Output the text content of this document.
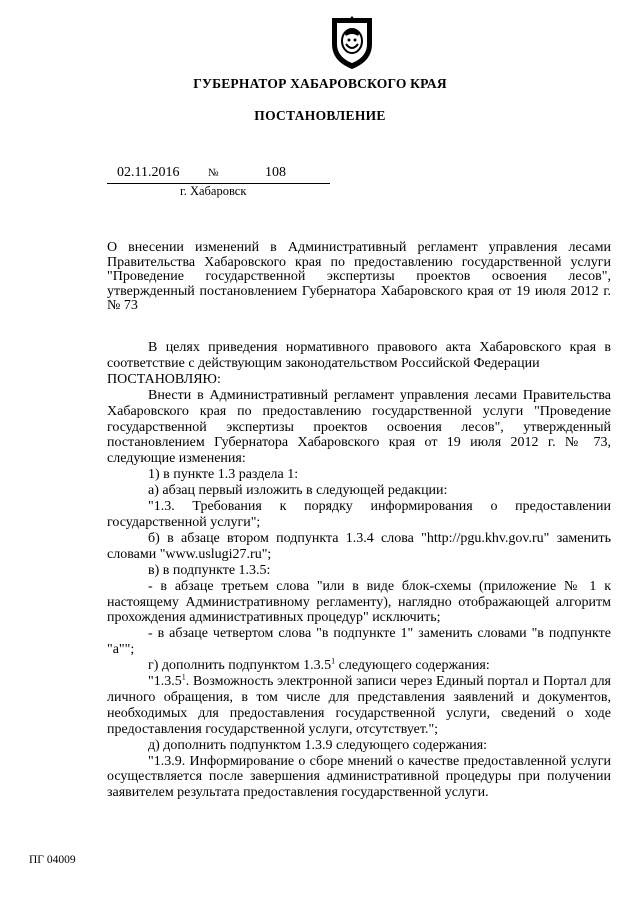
ГУБЕРНАТОР ХАБАРОВСКОГО КРАЯ
ПОСТАНОВЛЕНИЕ
02.11.2016	№	108
г. Хабаровск
О внесении изменений в Административный регламент управления лесами Правительства Хабаровского края по предоставлению государственной услуги "Проведение государственной экспертизы проектов освоения лесов", утвержденный постановлением Губернатора Хабаровского края от 19 июля 2012 г. № 73

В целях приведения нормативного правового акта Хабаровского края в соответствие с действующим законодательством Российской Федерации

ПОСТАНОВЛЯЮ:

Внести в Административный регламент управления лесами Правительства Хабаровского края по предоставлению государственной услуги "Проведение государственной экспертизы проектов освоения лесов", утвержденный постановлением Губернатора Хабаровского края от 19 июля 2012 г. № 73, следующие изменения:

1) в пункте 1.3 раздела 1:

а) абзац первый изложить в следующей редакции:

"1.3. Требования к порядку информирования о предоставлении государственной услуги";

б) в абзаце втором подпункта 1.3.4 слова "http://pgu.khv.gov.ru" заменить словами "www.uslugi27.ru";

в) в подпункте 1.3.5:

- в абзаце третьем слова "или в виде блок-схемы (приложение № 1 к настоящему Административному регламенту), наглядно отображающей алгоритм прохождения административных процедур" исключить;

- в абзаце четвертом слова "в подпункте 1" заменить словами "в подпункте "а"";

г) дополнить подпунктом 1.3.5$^1$ следующего содержания:

"1.3.5$^1$. Возможность электронной записи через Единый портал и Портал для личного обращения, в том числе для представления заявлений и документов, необходимых для предоставления государственной услуги, сведений о ходе предоставления государственной услуги, отсутствует.";

д) дополнить подпунктом 1.3.9 следующего содержания:

"1.3.9. Информирование о сборе мнений о качестве предоставленной услуги осуществляется после завершения административной процедуры при получении заявителем результата предоставления государственной услуги.

ПГ 04009
